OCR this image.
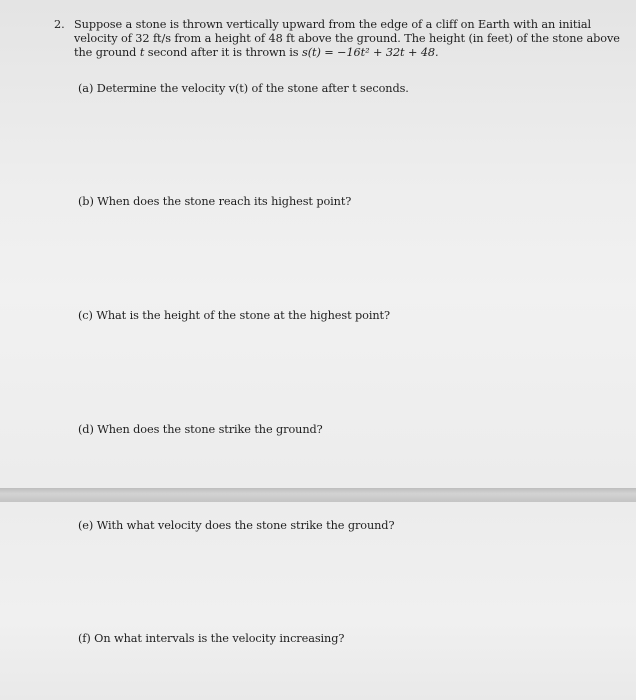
2. Suppose a stone is thrown vertically upward from the edge of a cliff on Earth with an initial
velocity of 32 ft/s from a height of 48 ft above the ground. The height (in feet) of the stone above
the ground t second after it is thrown is s(t) = −16t² + 32t + 48.
(a) Determine the velocity v(t) of the stone after t seconds.
(b) When does the stone reach its highest point?
(c) What is the height of the stone at the highest point?
(d) When does the stone strike the ground?
(e) With what velocity does the stone strike the ground?
(f) On what intervals is the velocity increasing?
